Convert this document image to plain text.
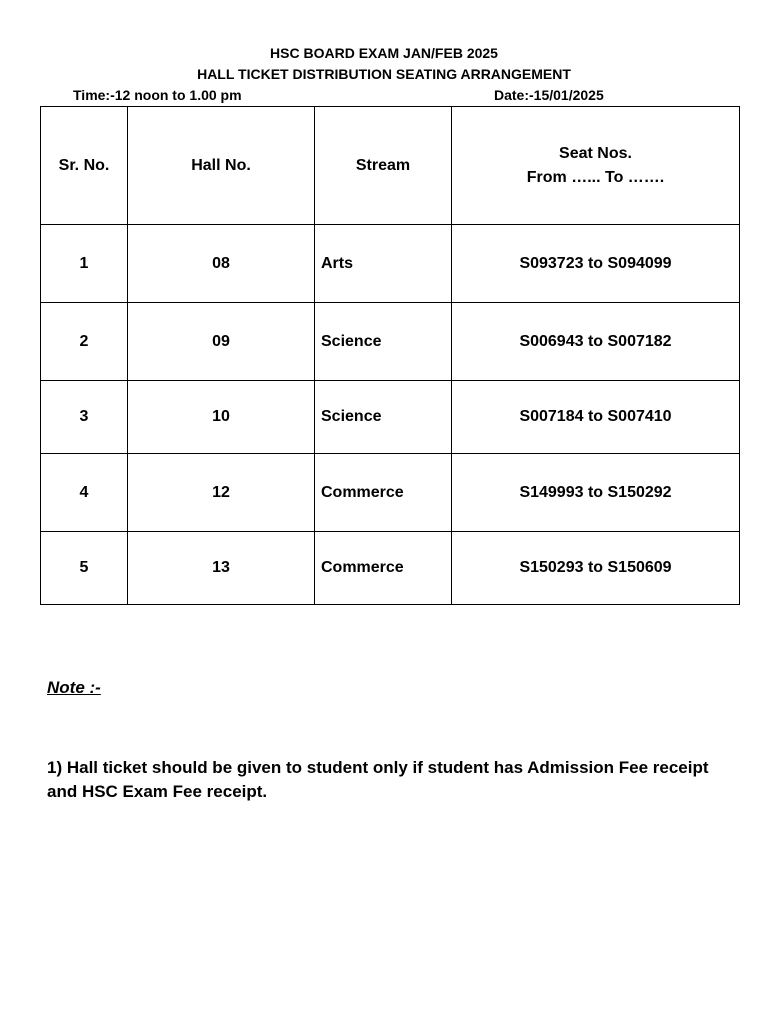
HSC BOARD EXAM JAN/FEB 2025
HALL TICKET DISTRIBUTION SEATING ARRANGEMENT
Time:-12 noon to 1.00 pm	Date:-15/01/2025
Sr. No.	Hall No.	Stream	Seat Nos.
From …... To …….

1	08	Arts	S093723 to S094099
2	09	Science	S006943 to S007182
3	10	Science	S007184 to S007410
4	12	Commerce	S149993 to S150292
5	13	Commerce	S150293 to S150609
Note :-
1) Hall ticket should be given to student only if student has Admission Fee receipt and HSC Exam Fee receipt.
